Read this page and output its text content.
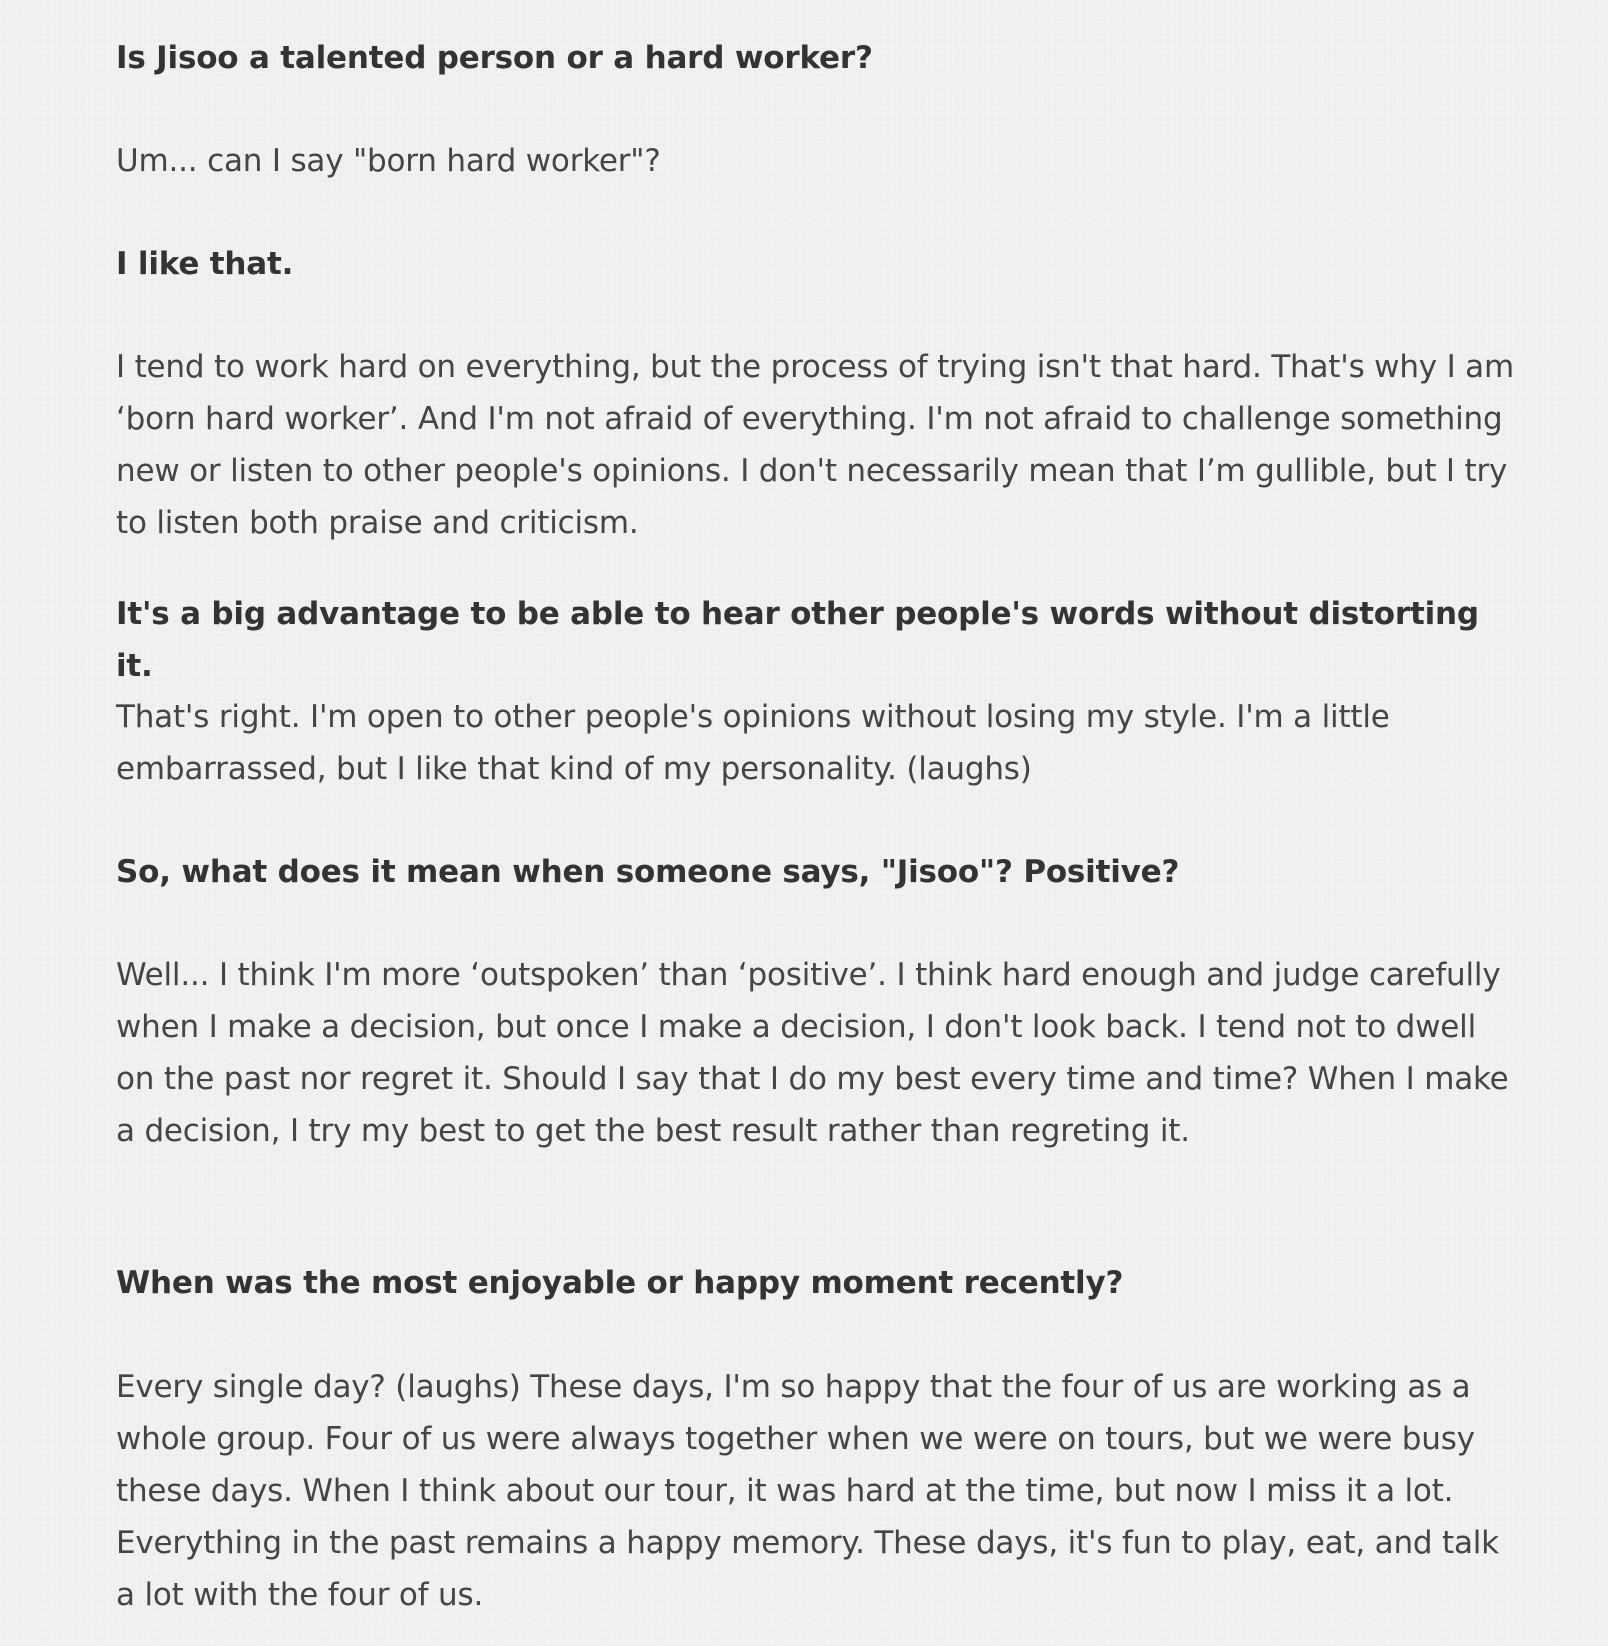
Is Jisoo a talented person or a hard worker?

Um... can I say "born hard worker"?

I like that.

I tend to work hard on everything, but the process of trying isn't that hard. That's why I am ‘born hard worker’. And I'm not afraid of everything. I'm not afraid to challenge something new or listen to other people's opinions. I don't necessarily mean that I’m gullible, but I try to listen both praise and criticism.

It's a big advantage to be able to hear other people's words without distorting it.

That's right. I'm open to other people's opinions without losing my style. I'm a little embarrassed, but I like that kind of my personality. (laughs)

So, what does it mean when someone says, "Jisoo"? Positive?

Well... I think I'm more ‘outspoken’ than ‘positive’. I think hard enough and judge carefully when I make a decision, but once I make a decision, I don't look back. I tend not to dwell on the past nor regret it. Should I say that I do my best every time and time? When I make a decision, I try my best to get the best result rather than regreting it.

When was the most enjoyable or happy moment recently?

Every single day? (laughs) These days, I'm so happy that the four of us are working as a whole group. Four of us were always together when we were on tours, but we were busy these days. When I think about our tour, it was hard at the time, but now I miss it a lot. Everything in the past remains a happy memory. These days, it's fun to play, eat, and talk a lot with the four of us.
